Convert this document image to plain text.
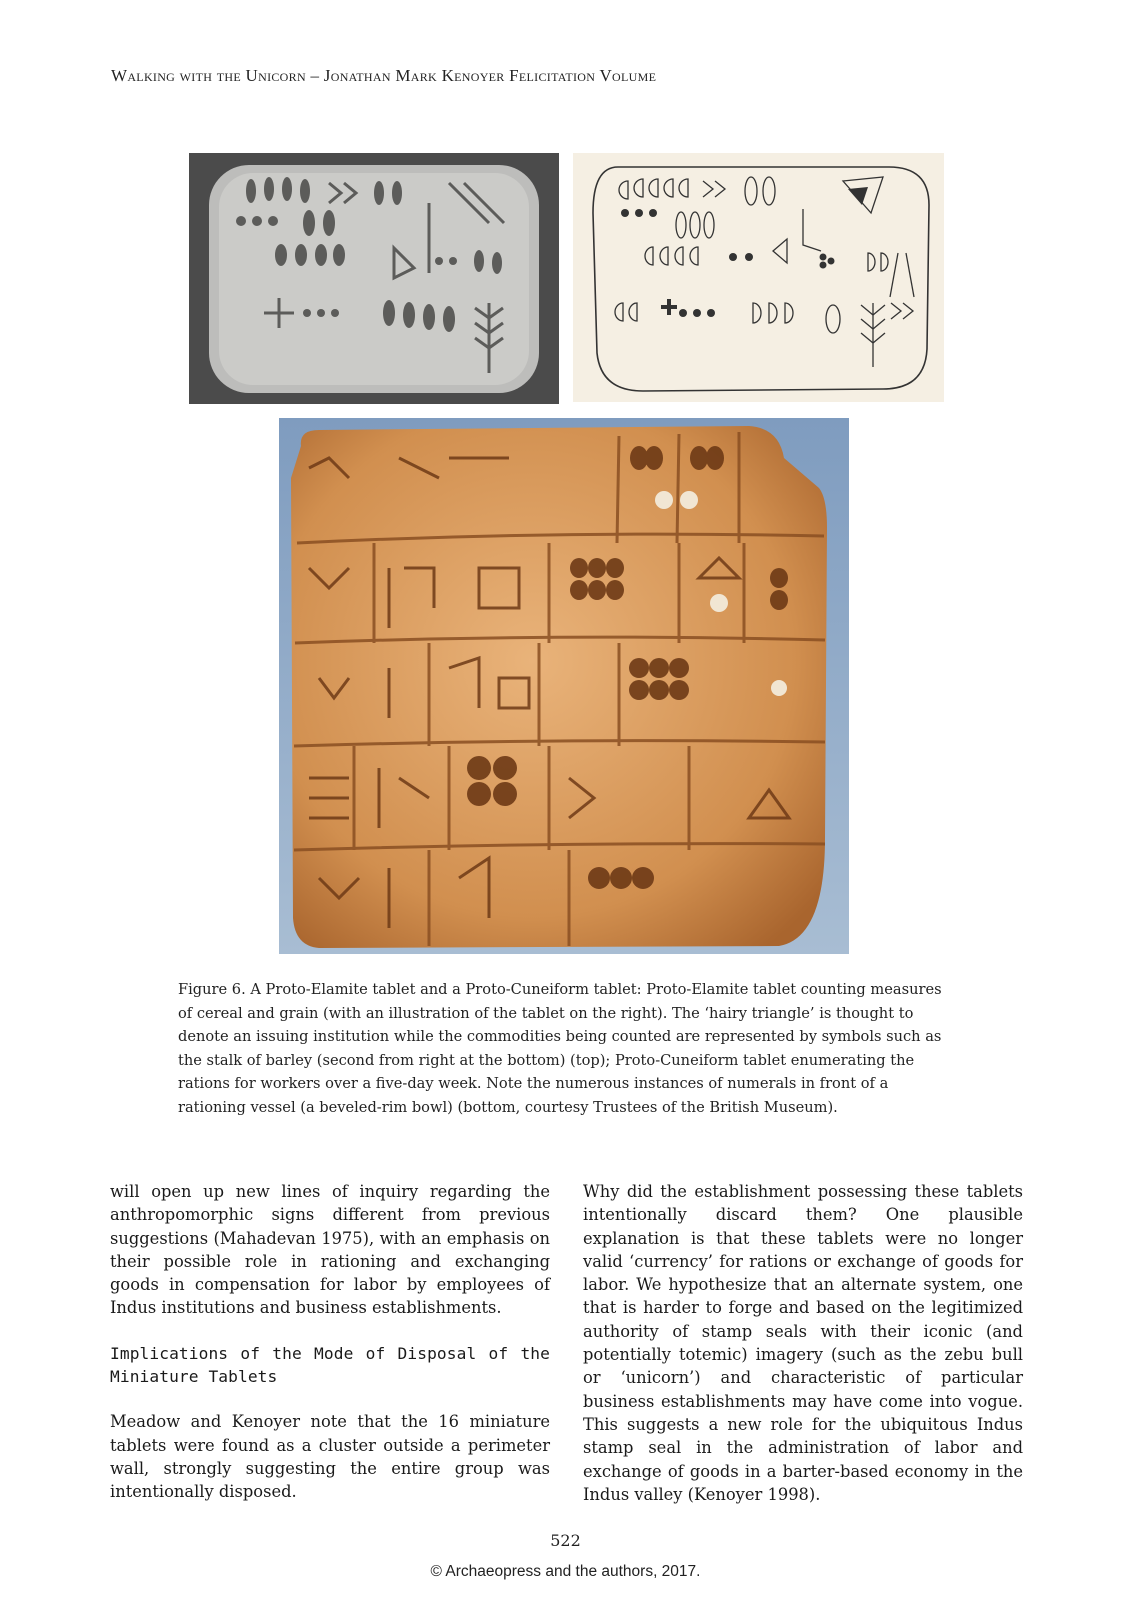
Walking with the Unicorn – Jonathan Mark Kenoyer Felicitation Volume
Figure 6. A Proto-Elamite tablet and a Proto-Cuneiform tablet: Proto-Elamite tablet counting measures of cereal and grain (with an illustration of the tablet on the right). The ‘hairy triangle’ is thought to denote an issuing institution while the commodities being counted are represented by symbols such as the stalk of barley (second from right at the bottom) (top); Proto-Cuneiform tablet enumerating the rations for workers over a five-day week. Note the numerous instances of numerals in front of a rationing vessel (a beveled-rim bowl) (bottom, courtesy Trustees of the British Museum).

will open up new lines of inquiry regarding the anthropomorphic signs different from previous suggestions (Mahadevan 1975), with an emphasis on their possible role in rationing and exchanging goods in compensation for labor by employees of Indus institutions and business establishments.

Implications of the Mode of Disposal of the Miniature Tablets

Meadow and Kenoyer note that the 16 miniature tablets were found as a cluster outside a perimeter wall, strongly suggesting the entire group was intentionally disposed.

Why did the establishment possessing these tablets intentionally discard them? One plausible explanation is that these tablets were no longer valid ‘currency’ for rations or exchange of goods for labor. We hypothesize that an alternate system, one that is harder to forge and based on the legitimized authority of stamp seals with their iconic (and potentially totemic) imagery (such as the zebu bull or ‘unicorn’) and characteristic of particular business establishments may have come into vogue. This suggests a new role for the ubiquitous Indus stamp seal in the administration of labor and exchange of goods in a barter-based economy in the Indus valley (Kenoyer 1998).

522
© Archaeopress and the authors, 2017.
